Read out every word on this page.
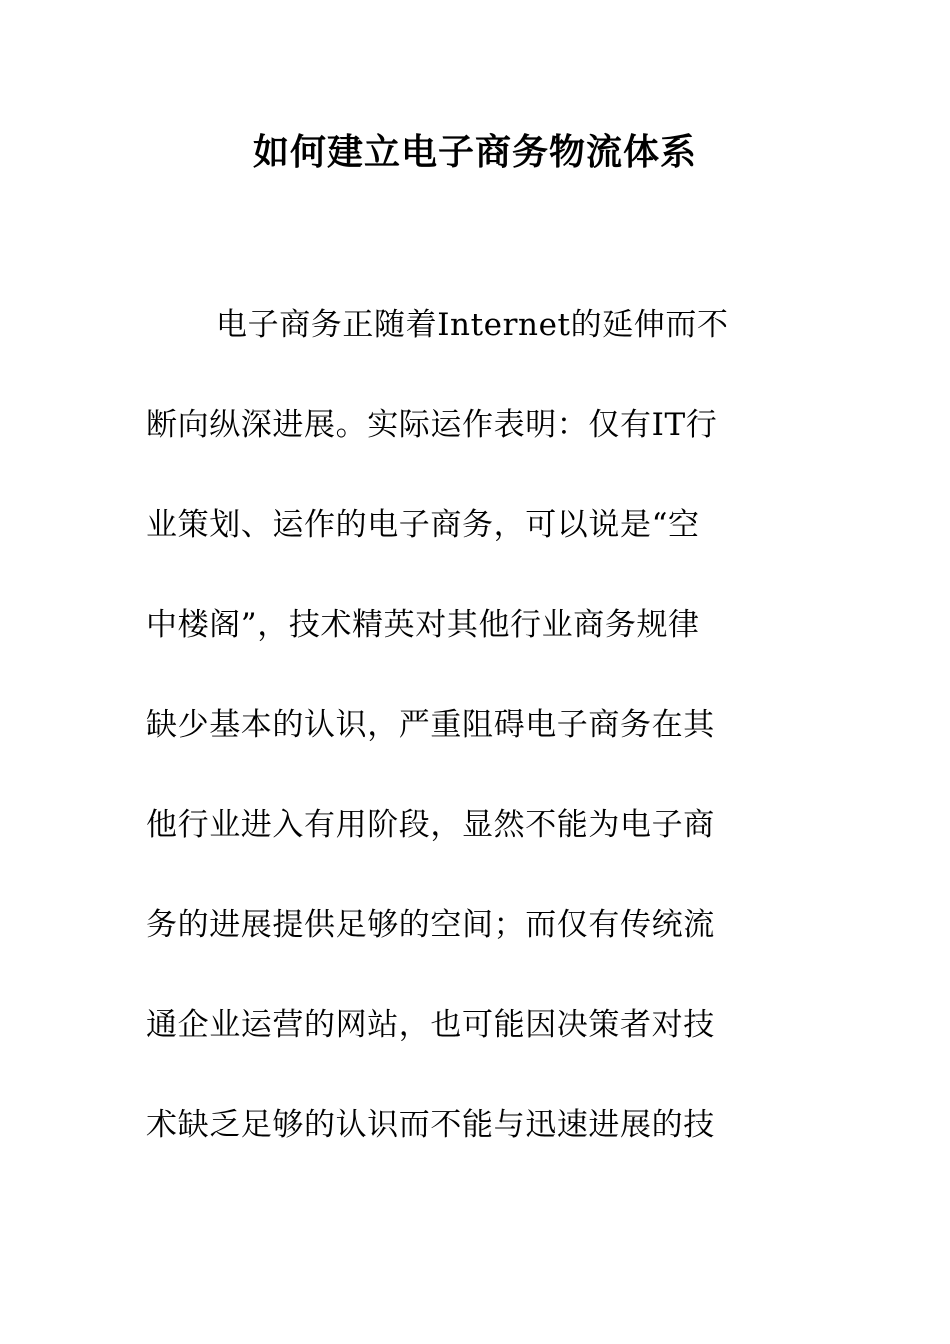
如何建立电子商务物流体系
电子商务正随着Internet的延伸而不
断向纵深进展。实际运作表明：仅有IT行
业策划、运作的电子商务，可以说是“空
中楼阁”，技术精英对其他行业商务规律
缺少基本的认识，严重阻碍电子商务在其
他行业进入有用阶段，显然不能为电子商
务的进展提供足够的空间；而仅有传统流
通企业运营的网站，也可能因决策者对技
术缺乏足够的认识而不能与迅速进展的技
